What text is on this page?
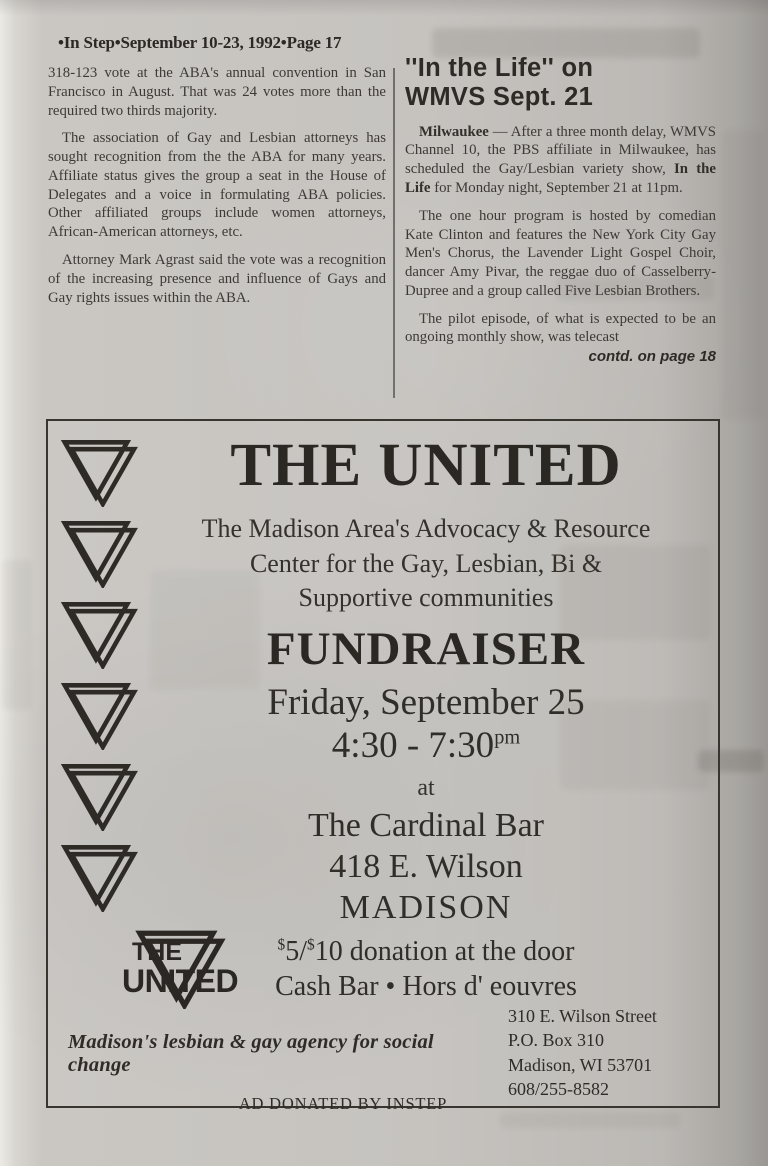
•In Step•September 10-23, 1992•Page 17

318-123 vote at the ABA's annual convention in San Francisco in August. That was 24 votes more than the required two thirds majority.

The association of Gay and Lesbian attorneys has sought recognition from the the ABA for many years. Affiliate status gives the group a seat in the House of Delegates and a voice in formulating ABA policies. Other affiliated groups include women attorneys, African-American attorneys, etc.

Attorney Mark Agrast said the vote was a recognition of the increasing presence and influence of Gays and Gay rights issues within the ABA.

''In the Life'' on
WMVS Sept. 21

Milwaukee — After a three month delay, WMVS Channel 10, the PBS affiliate in Milwaukee, has scheduled the Gay/Lesbian variety show, In the Life for Monday night, September 21 at 11pm.

The one hour program is hosted by comedian Kate Clinton and features the New York City Gay Men's Chorus, the Lavender Light Gospel Choir, dancer Amy Pivar, the reggae duo of Casselberry-Dupree and a group called Five Lesbian Brothers.

The pilot episode, of what is expected to be an ongoing monthly show, was telecast

contd. on page 18
THE
UNITED
THE UNITED
The Madison Area's Advocacy & Resource
Center for the Gay, Lesbian, Bi &
Supportive communities
FUNDRAISER
Friday, September 25
4:30 - $7:30^{pm}$
at
The Cardinal Bar
418 E. Wilson
MADISON
$5/$10 donation at the door
Cash Bar • Hors d' eouvres
Madison's lesbian & gay agency for social change
AD DONATED BY INSTEP
310 E. Wilson Street
P.O. Box 310
Madison, WI 53701
608/255-8582
